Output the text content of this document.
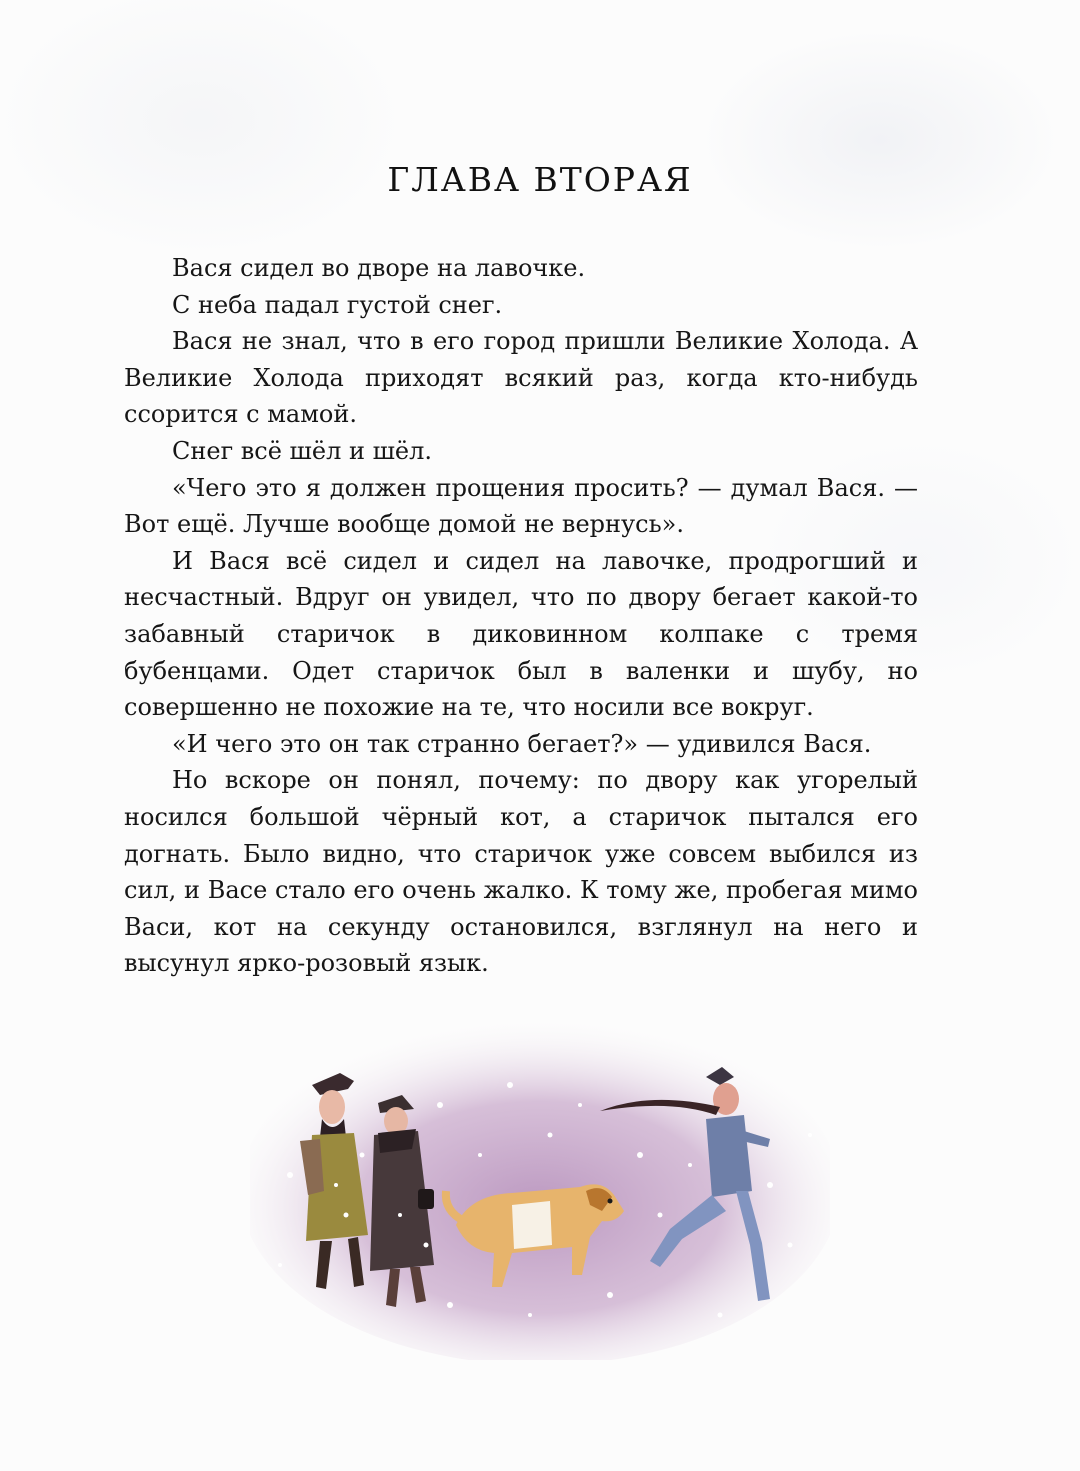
ГЛАВА ВТОРАЯ

Вася сидел во дворе на лавочке.

С неба падал густой снег.

Вася не знал, что в его город пришли Великие Холода. А Великие Холода приходят всякий раз, когда кто-нибудь ссорится с мамой.

Снег всё шёл и шёл.

«Чего это я должен прощения просить? — думал Вася. — Вот ещё. Лучше вообще домой не вернусь».

И Вася всё сидел и сидел на лавочке, продрогший и несчастный. Вдруг он увидел, что по двору бегает какой-то забавный старичок в диковинном колпаке с тремя бубенцами. Одет старичок был в валенки и шубу, но совершенно не похожие на те, что носили все вокруг.

«И чего это он так странно бегает?» — удивился Вася.

Но вскоре он понял, почему: по двору как угорелый носился большой чёрный кот, а старичок пытался его догнать. Было видно, что старичок уже совсем выбился из сил, и Васе стало его очень жалко. К тому же, пробегая мимо Васи, кот на секунду остановился, взглянул на него и высунул ярко-розовый язык.
